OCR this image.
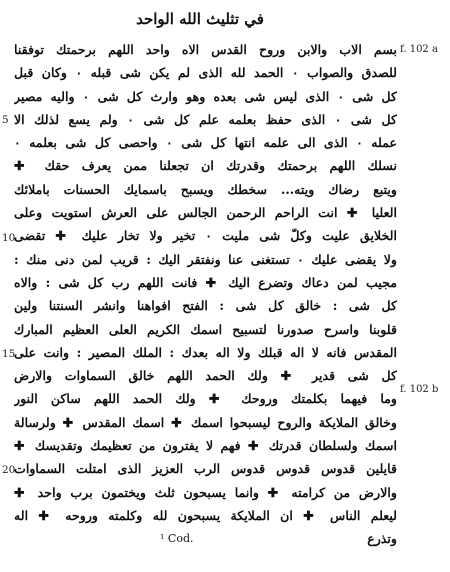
في تثليث الله الواحد
f. 102 a
f. 102 b
5
10
15
20
بسم الاب والابن وروح القدس الاه واحد اللهم برحمتك توفقنا
للصدق والصواب ۰ الحمد لله الذى لم يكن شى قبله ۰ وكان قبل
كل شى ۰ الذى ليس شى بعده وهو وارث كل شى ۰ واليه مصير
كل شى ۰ الذى حفظ بعلمه علم كل شى ۰ ولم يسع لذلك الا
عمله ۰ الذى الى علمه انتها كل شى ۰ واحصى كل شى بعلمه ۰
نسلك اللهم برحمتك وقدرتك ان تجعلنا ممن يعرف حقك ✚
ويتبع رضاك ويته... سخطك ويسبح باسمايك الحسنات باملائك
العليا ✚ انت الراحم الرحمن الجالس على العرش استويت وعلى
الخلايق عليت وكلّ شى مليت ۰ تخير ولا تخار عليك ✚ تقضى
ولا يقضى عليك ۰ تستغنى عنا ونفتقر اليك : قريب لمن دنى منك :
مجيب لمن دعاك وتضرع اليك ✚ فانت اللهم رب كل شى : والاه
كل شى : خالق كل شى : الفتح افواهنا وانشر السنتنا ولين
قلوبنا واسرح صدورنا لتسبيح اسمك الكريم العلى العظيم المبارك
المقدس فانه لا اله قبلك ولا اله بعدك : الملك المصير : وانت على
كل شى قدير ✚ ولك الحمد اللهم خالق السماوات والارض
وما فيهما بكلمتك وروحك ✚ ولك الحمد اللهم ساكن النور
وخالق الملايكة والروح ليسبحوا اسمك ✚ اسمك المقدس ✚ ولرسالة
اسمك ولسلطان قدرتك ✚ فهم لا يفترون من تعظيمك وتقديسك ✚
قايلين قدوس قدوس قدوس الرب العزيز الذى امتلت السماوات
والارض من كرامته ✚ وانما يسبحون ثلث ويختمون برب واحد ✚
ليعلم الناس ✚ ان الملايكة يسبحون لله وكلمته وروحه ✚ اله
وتذرع
¹ Cod.
